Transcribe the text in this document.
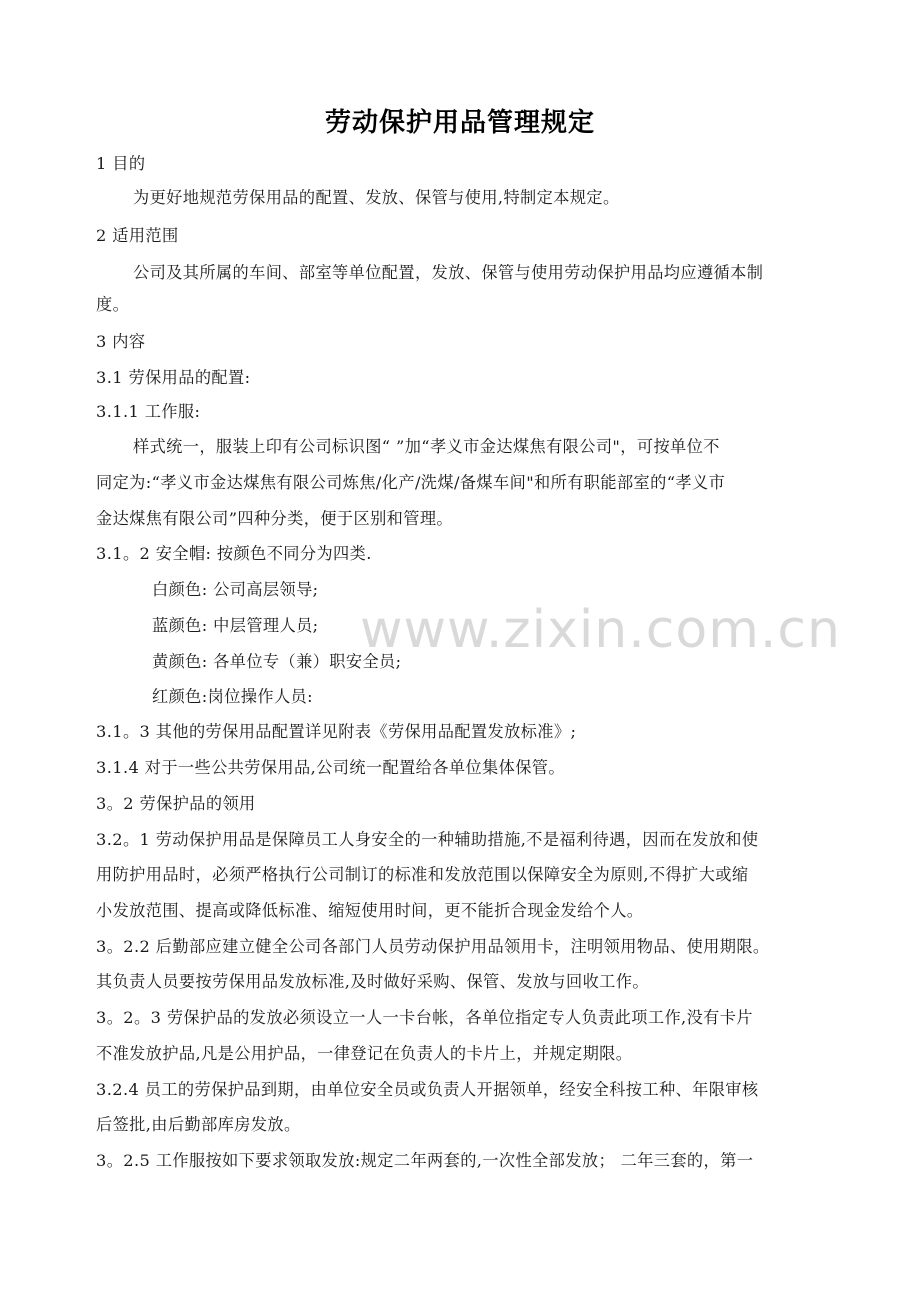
www.zixin.com.cn
劳动保护用品管理规定
1 目的
为更好地规范劳保用品的配置、发放、保管与使用,特制定本规定。
2 适用范围
公司及其所属的车间、部室等单位配置，发放、保管与使用劳动保护用品均应遵循本制
度。
3 内容
3.1 劳保用品的配置:
3.1.1 工作服:
样式统一，服装上印有公司标识图“ ”加“孝义市金达煤焦有限公司"，可按单位不
同定为:“孝义市金达煤焦有限公司炼焦/化产/洗煤/备煤车间"和所有职能部室的“孝义市
金达煤焦有限公司”四种分类，便于区别和管理。
3.1。2 安全帽: 按颜色不同分为四类.
白颜色: 公司高层领导;
蓝颜色: 中层管理人员;
黄颜色: 各单位专（兼）职安全员;
红颜色:岗位操作人员:
3.1。3 其他的劳保用品配置详见附表《劳保用品配置发放标准》;
3.1.4 对于一些公共劳保用品,公司统一配置给各单位集体保管。
3。2 劳保护品的领用
3.2。1 劳动保护用品是保障员工人身安全的一种辅助措施,不是福利待遇，因而在发放和使
用防护用品时，必须严格执行公司制订的标准和发放范围以保障安全为原则,不得扩大或缩
小发放范围、提高或降低标准、缩短使用时间，更不能折合现金发给个人。
3。2.2 后勤部应建立健全公司各部门人员劳动保护用品领用卡，注明领用物品、使用期限。
其负责人员要按劳保用品发放标准,及时做好采购、保管、发放与回收工作。
3。2。3 劳保护品的发放必须设立一人一卡台帐，各单位指定专人负责此项工作,没有卡片
不准发放护品,凡是公用护品，一律登记在负责人的卡片上，并规定期限。
3.2.4 员工的劳保护品到期，由单位安全员或负责人开据领单，经安全科按工种、年限审核
后签批,由后勤部库房发放。
3。2.5 工作服按如下要求领取发放:规定二年两套的,一次性全部发放； 二年三套的，第一
